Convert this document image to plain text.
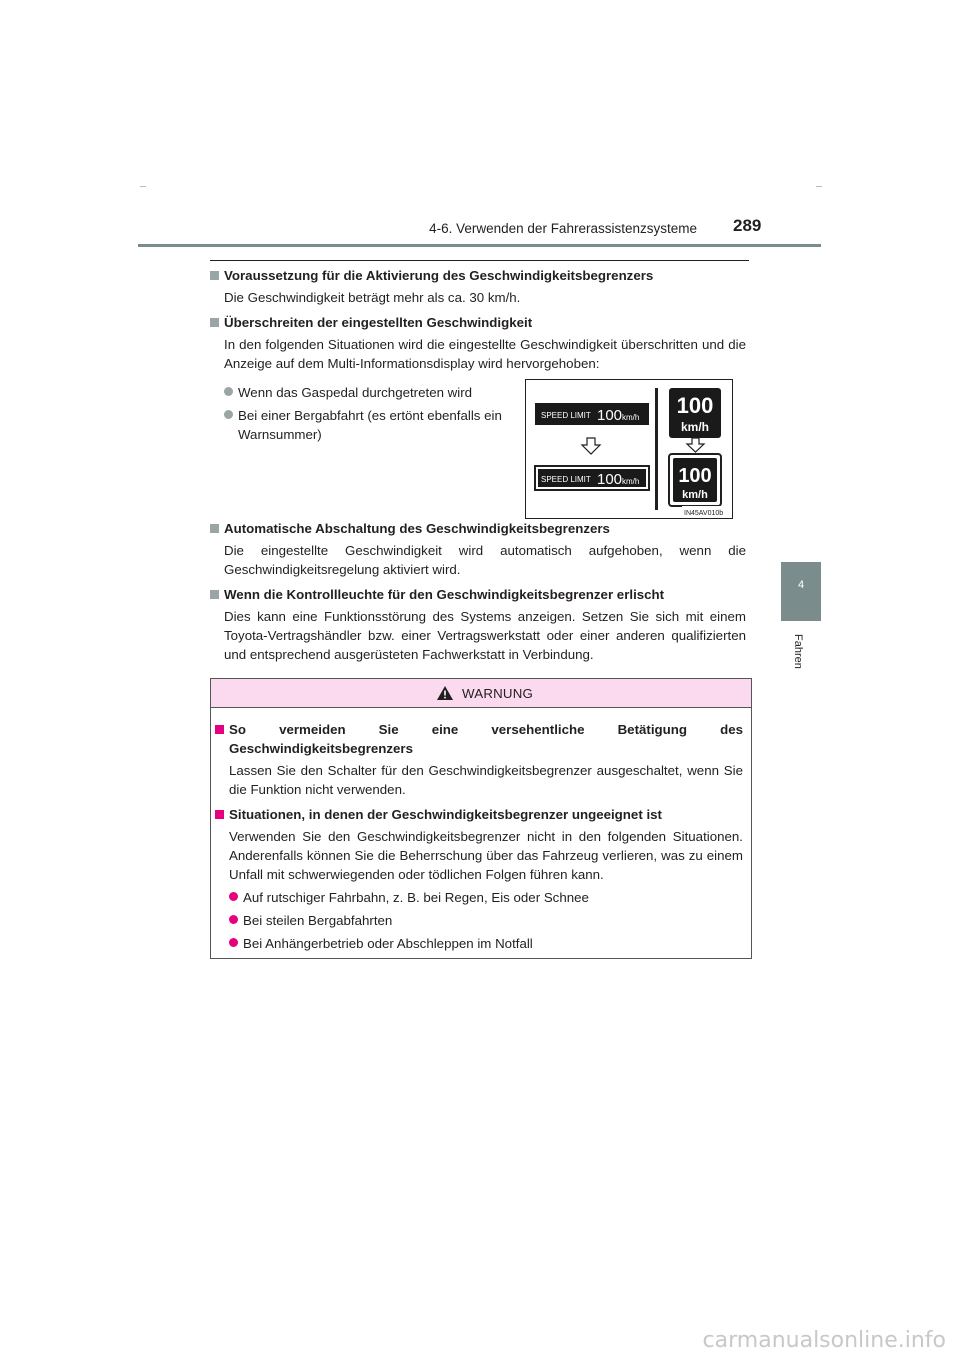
4-6. Verwenden der Fahrerassistenzsysteme 289
4
Fahren
Voraussetzung für die Aktivierung des Geschwindigkeitsbegrenzers
Die Geschwindigkeit beträgt mehr als ca. 30 km/h.
Überschreiten der eingestellten Geschwindigkeit
In den folgenden Situationen wird die eingestellte Geschwindigkeit überschritten und die Anzeige auf dem Multi-Informationsdisplay wird hervorgehoben:
Wenn das Gaspedal durchgetreten wird
Bei einer Bergabfahrt (es ertönt ebenfalls ein Warnsummer)
SPEED LIMIT 100 km/h
SPEED LIMIT 100 km/h
100
km/h
100
km/h
IN45AV010b
Automatische Abschaltung des Geschwindigkeitsbegrenzers
Die eingestellte Geschwindigkeit wird automatisch aufgehoben, wenn die Geschwindigkeitsregelung aktiviert wird.
Wenn die Kontrollleuchte für den Geschwindigkeitsbegrenzer erlischt
Dies kann eine Funktionsstörung des Systems anzeigen. Setzen Sie sich mit einem Toyota-Vertragshändler bzw. einer Vertragswerkstatt oder einer anderen qualifizierten und entsprechend ausgerüsteten Fachwerkstatt in Verbindung.
WARNUNG
So vermeiden Sie eine versehentliche Betätigung des Geschwindigkeitsbegrenzers
Lassen Sie den Schalter für den Geschwindigkeitsbegrenzer ausgeschaltet, wenn Sie die Funktion nicht verwenden.
Situationen, in denen der Geschwindigkeitsbegrenzer ungeeignet ist
Verwenden Sie den Geschwindigkeitsbegrenzer nicht in den folgenden Situationen. Anderenfalls können Sie die Beherrschung über das Fahrzeug verlieren, was zu einem Unfall mit schwerwiegenden oder tödlichen Folgen führen kann.
Auf rutschiger Fahrbahn, z. B. bei Regen, Eis oder Schnee
Bei steilen Bergabfahrten
Bei Anhängerbetrieb oder Abschleppen im Notfall
carmanualsonline.info
